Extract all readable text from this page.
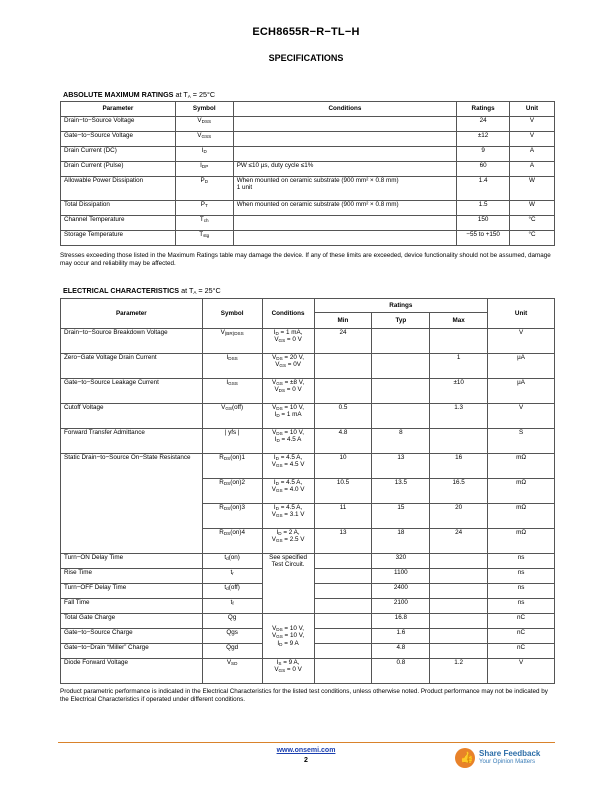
ECH8655R−R−TL−H
SPECIFICATIONS
ABSOLUTE MAXIMUM RATINGS at $T_A = 25^\circ C$
Parameter	Symbol	Conditions	Ratings	Unit
Drain−to−Source Voltage	$V_{DSS}$		24	V
Gate−to−Source Voltage	$V_{GSS}$		±12	V
Drain Current (DC)	$I_D$		9	A
Drain Current (Pulse)	$I_{DP}$	PW ≤10 µs, duty cycle ≤1%	60	A
Allowable Power Dissipation	$P_D$	When mounted on ceramic substrate (900 mm² × 0.8 mm)
1 unit	1.4	W
Total Dissipation	$P_T$	When mounted on ceramic substrate (900 mm² × 0.8 mm)	1.5	W
Channel Temperature	$T_{ch}$		150	°C
Storage Temperature	$T_{stg}$		−55 to +150	°C
Stresses exceeding those listed in the Maximum Ratings table may damage the device. If any of these limits are exceeded, device functionality should not be assumed, damage may occur and reliability may be affected.
ELECTRICAL CHARACTERISTICS at $T_A = 25^\circ C$
Parameter	Symbol	Conditions	Ratings			Unit
			Min	Typ	Max	
Drain−to−Source Breakdown Voltage	$V_{(BR)DSS}$	$I_D = 1$ mA,
$V_{GS} = 0$ V	24			V
Zero−Gate Voltage Drain Current	$I_{DSS}$	$V_{DS} = 20$ V,
$V_{GS} = 0V$			1	µA
Gate−to−Source Leakage Current	$I_{GSS}$	$V_{GS} = \pm 8$ V,
$V_{DS} = 0$ V			±10	µA
Cutoff Voltage	$V_{GS}(off)$	$V_{DS} = 10$ V,
$I_D = 1$ mA	0.5		1.3	V
Forward Transfer Admittance	| yfs |	$V_{DS} = 10$ V,
$I_D = 4.5$ A	4.8	8		S
Static Drain−to−Source On−State Resistance	$R_{DS}(on)1$	$I_D = 4.5$ A,
$V_{GS} = 4.5$ V	10	13	16	mΩ
	$R_{DS}(on)2$	$I_D = 4.5$ A,
$V_{GS} = 4.0$ V	10.5	13.5	16.5	mΩ
	$R_{DS}(on)3$	$I_D = 4.5$ A,
$V_{GS} = 3.1$ V	11	15	20	mΩ
	$R_{DS}(on)4$	$I_D = 2$ A,
$V_{GS} = 2.5$ V	13	18	24	mΩ
Turn−ON Delay Time	$t_d(on)$	See specified
Test Circuit.		320		ns
Rise Time	$t_r$			1100		ns
Turn−OFF Delay Time	$t_d(off)$			2400		ns
Fall Time	$t_f$			2100		ns
Total Gate Charge	Qg	$V_{DS} = 10$ V,
$V_{GS} = 10$ V,
$I_D = 9$ A		16.8		nC
Gate−to−Source Charge	Qgs			1.6		nC
Gate−to−Drain “Miller” Charge	Qgd			4.8		nC
Diode Forward Voltage	$V_{SD}$	$I_S = 9$ A,
$V_{GS} = 0$ V		0.8	1.2	V
Product parametric performance is indicated in the Electrical Characteristics for the listed test conditions, unless otherwise noted. Product performance may not be indicated by the Electrical Characteristics if operated under different conditions.
www.onsemi.com
2	👍 Share Feedback
Your Opinion Matters
